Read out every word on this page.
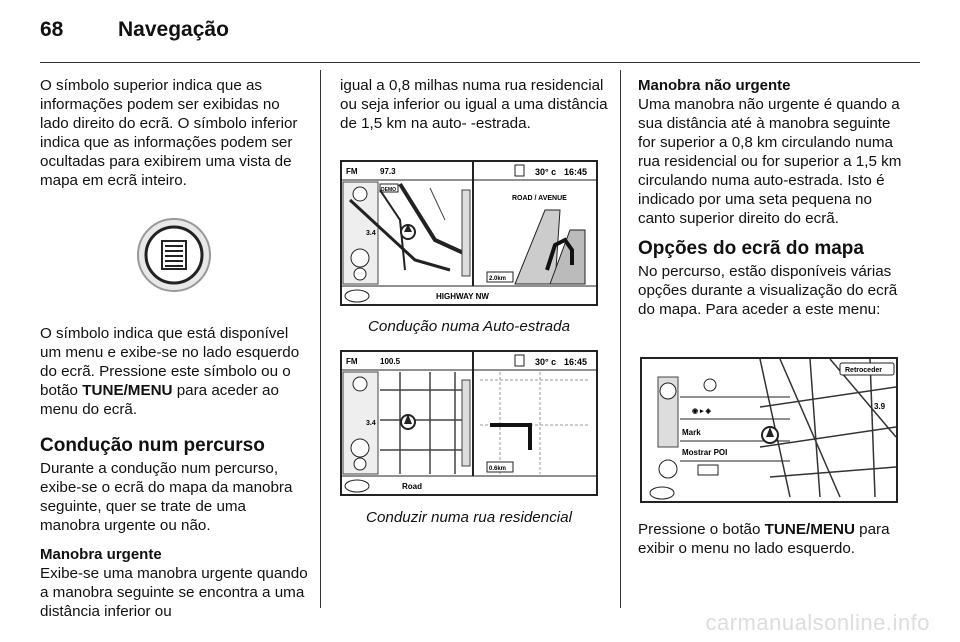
68	Navegação

O símbolo superior indica que as informações podem ser exibidas no lado direito do ecrã. O símbolo inferior indica que as informações podem ser ocultadas para exibirem uma vista de mapa em ecrã inteiro.

O símbolo indica que está disponível um menu e exibe-se no lado esquerdo do ecrã. Pressione este símbolo ou o botão TUNE/MENU para aceder ao menu do ecrã.

Condução num percurso

Durante a condução num percurso, exibe-se o ecrã do mapa da manobra seguinte, quer se trate de uma manobra urgente ou não.

Manobra urgente

Exibe-se uma manobra urgente quando a manobra seguinte se encontra a uma distância inferior ou

igual a 0,8 milhas numa rua residencial ou seja inferior ou igual a uma distância de 1,5 km na auto- -estrada.

FM	97.3	30° c 16:45
DEMO
3.4
ROAD / AVENUE
2.0km
HIGHWAY NW
Condução numa Auto-estrada
FM	100.5	30° c 16:45
3.4
0.6km
Road
Conduzir numa rua residencial
Manobra não urgente

Uma manobra não urgente é quando a sua distância até à manobra seguinte for superior a 0,8 km circulando numa rua residencial ou for superior a 1,5 km circulando numa auto-estrada. Isto é indicado por uma seta pequena no canto superior direito do ecrã.

Opções do ecrã do mapa

No percurso, estão disponíveis várias opções durante a visualização do ecrã do mapa. Para aceder a este menu:

Retroceder
3.9
◉ ▸ ◈
Mark
Mostrar POI

Pressione o botão TUNE/MENU para exibir o menu no lado esquerdo.

carmanualsonline.info
